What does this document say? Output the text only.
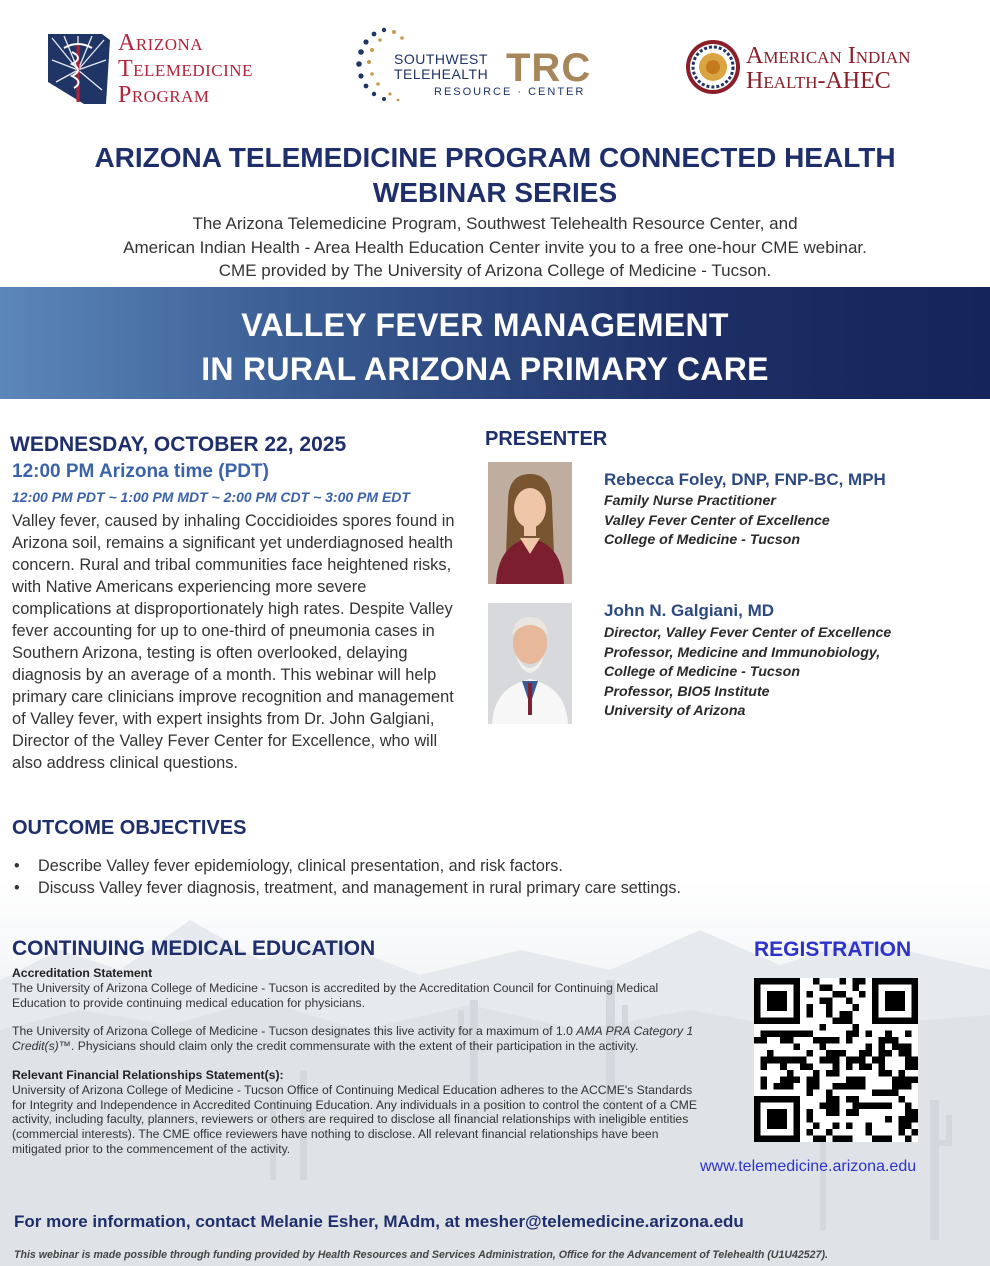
Arizona
Telemedicine
Program
SOUTHWEST
TELEHEALTH TRC
RESOURCE · CENTER
American Indian
Health-AHEC
ARIZONA TELEMEDICINE PROGRAM CONNECTED HEALTH
WEBINAR SERIES
The Arizona Telemedicine Program, Southwest Telehealth Resource Center, and
American Indian Health - Area Health Education Center invite you to a free one-hour CME webinar.
CME provided by The University of Arizona College of Medicine - Tucson.
VALLEY FEVER MANAGEMENT
IN RURAL ARIZONA PRIMARY CARE
WEDNESDAY, OCTOBER 22, 2025
12:00 PM Arizona time (PDT)
12:00 PM PDT ~ 1:00 PM MDT ~ 2:00 PM CDT ~ 3:00 PM EDT
Valley fever, caused by inhaling Coccidioides spores found in Arizona soil, remains a significant yet underdiagnosed health concern. Rural and tribal communities face heightened risks, with Native Americans experiencing more severe complications at disproportionately high rates. Despite Valley fever accounting for up to one-third of pneumonia cases in Southern Arizona, testing is often overlooked, delaying diagnosis by an average of a month. This webinar will help primary care clinicians improve recognition and management of Valley fever, with expert insights from Dr. John Galgiani, Director of the Valley Fever Center for Excellence, who will also address clinical questions.
PRESENTER
Rebecca Foley, DNP, FNP-BC, MPH
Family Nurse Practitioner
Valley Fever Center of Excellence
College of Medicine - Tucson
John N. Galgiani, MD
Director, Valley Fever Center of Excellence
Professor, Medicine and Immunobiology,
College of Medicine - Tucson
Professor, BIO5 Institute
University of Arizona
OUTCOME OBJECTIVES
• Describe Valley fever epidemiology, clinical presentation, and risk factors.
• Discuss Valley fever diagnosis, treatment, and management in rural primary care settings.
CONTINUING MEDICAL EDUCATION
Accreditation Statement

The University of Arizona College of Medicine - Tucson is accredited by the Accreditation Council for Continuing Medical Education to provide continuing medical education for physicians.

The University of Arizona College of Medicine - Tucson designates this live activity for a maximum of 1.0 AMA PRA Category 1 Credit(s)™. Physicians should claim only the credit commensurate with the extent of their participation in the activity.

Relevant Financial Relationships Statement(s):

University of Arizona College of Medicine - Tucson Office of Continuing Medical Education adheres to the ACCME's Standards for Integrity and Independence in Accredited Continuing Education. Any individuals in a position to control the content of a CME activity, including faculty, planners, reviewers or others are required to disclose all financial relationships with ineligible entities (commercial interests). The CME office reviewers have nothing to disclose. All relevant financial relationships have been mitigated prior to the commencement of the activity.

REGISTRATION
www.telemedicine.arizona.edu
For more information, contact Melanie Esher, MAdm, at mesher@telemedicine.arizona.edu
This webinar is made possible through funding provided by Health Resources and Services Administration, Office for the Advancement of Telehealth (U1U42527).
